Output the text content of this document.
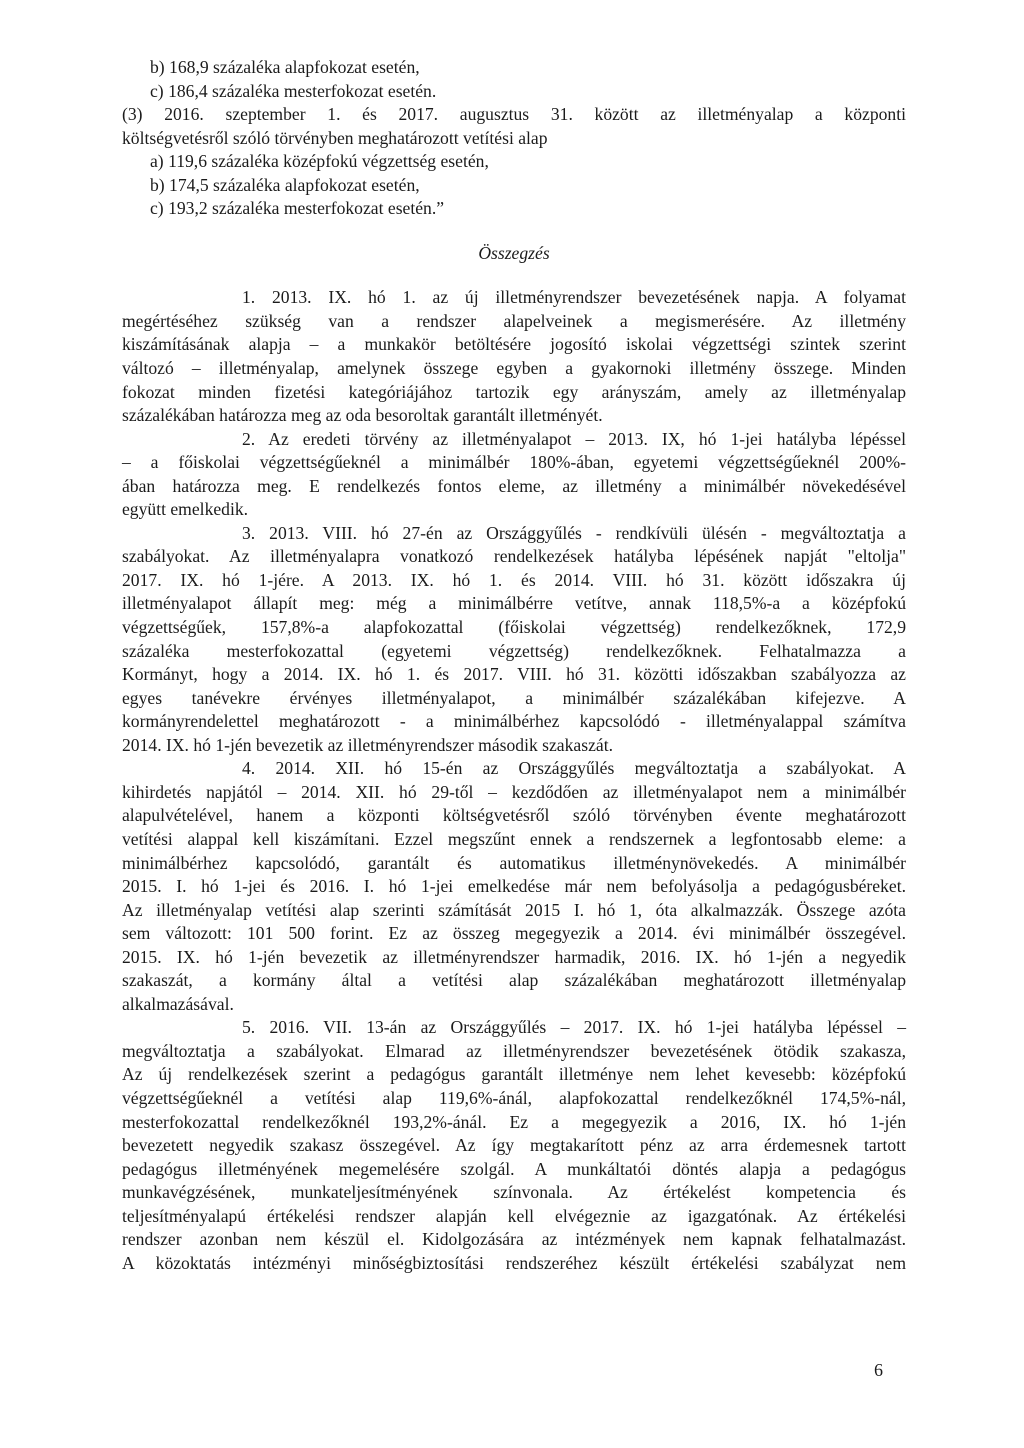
b) 168,9 százaléka alapfokozat esetén,
c) 186,4 százaléka mesterfokozat esetén.
(3) 2016. szeptember 1. és 2017. augusztus 31. között az illetményalap a központi
költségvetésről szóló törvényben meghatározott vetítési alap
a) 119,6 százaléka középfokú végzettség esetén,
b) 174,5 százaléka alapfokozat esetén,
c) 193,2 százaléka mesterfokozat esetén.”
Összegzés
1. 2013. IX. hó 1. az új illetményrendszer bevezetésének napja. A folyamat
megértéséhez szükség van a rendszer alapelveinek a megismerésére. Az illetmény
kiszámításának alapja – a munkakör betöltésére jogosító iskolai végzettségi szintek szerint
változó – illetményalap, amelynek összege egyben a gyakornoki illetmény összege. Minden
fokozat minden fizetési kategóriájához tartozik egy arányszám, amely az illetményalap
százalékában határozza meg az oda besoroltak garantált illetményét.
2. Az eredeti törvény az illetményalapot – 2013. IX, hó 1-jei hatályba lépéssel
– a főiskolai végzettségűeknél a minimálbér 180%-ában, egyetemi végzettségűeknél 200%-
ában határozza meg. E rendelkezés fontos eleme, az illetmény a minimálbér növekedésével
együtt emelkedik.
3. 2013. VIII. hó 27-én az Országgyűlés - rendkívüli ülésén - megváltoztatja a
szabályokat. Az illetményalapra vonatkozó rendelkezések hatályba lépésének napját "eltolja"
2017. IX. hó 1-jére. A 2013. IX. hó 1. és 2014. VIII. hó 31. között időszakra új
illetményalapot állapít meg: még a minimálbérre vetítve, annak 118,5%-a a középfokú
végzettségűek, 157,8%-a alapfokozattal (főiskolai végzettség) rendelkezőknek, 172,9
százaléka mesterfokozattal (egyetemi végzettség) rendelkezőknek. Felhatalmazza a
Kormányt, hogy a 2014. IX. hó 1. és 2017. VIII. hó 31. közötti időszakban szabályozza az
egyes tanévekre érvényes illetményalapot, a minimálbér százalékában kifejezve. A
kormányrendelettel meghatározott - a minimálbérhez kapcsolódó - illetményalappal számítva
2014. IX. hó 1-jén bevezetik az illetményrendszer második szakaszát.
4. 2014. XII. hó 15-én az Országgyűlés megváltoztatja a szabályokat. A
kihirdetés napjától – 2014. XII. hó 29-től – kezdődően az illetményalapot nem a minimálbér
alapulvételével, hanem a központi költségvetésről szóló törvényben évente meghatározott
vetítési alappal kell kiszámítani. Ezzel megszűnt ennek a rendszernek a legfontosabb eleme: a
minimálbérhez kapcsolódó, garantált és automatikus illetménynövekedés. A minimálbér
2015. I. hó 1-jei és 2016. I. hó 1-jei emelkedése már nem befolyásolja a pedagógusbéreket.
Az illetményalap vetítési alap szerinti számítását 2015 I. hó 1, óta alkalmazzák. Összege azóta
sem változott: 101 500 forint. Ez az összeg megegyezik a 2014. évi minimálbér összegével.
2015. IX. hó 1-jén bevezetik az illetményrendszer harmadik, 2016. IX. hó 1-jén a negyedik
szakaszát, a kormány által a vetítési alap százalékában meghatározott illetményalap
alkalmazásával.
5. 2016. VII. 13-án az Országgyűlés – 2017. IX. hó 1-jei hatályba lépéssel –
megváltoztatja a szabályokat. Elmarad az illetményrendszer bevezetésének ötödik szakasza,
Az új rendelkezések szerint a pedagógus garantált illetménye nem lehet kevesebb: középfokú
végzettségűeknél a vetítési alap 119,6%-ánál, alapfokozattal rendelkezőknél 174,5%-nál,
mesterfokozattal rendelkezőknél 193,2%-ánál. Ez a megegyezik a 2016, IX. hó 1-jén
bevezetett negyedik szakasz összegével. Az így megtakarított pénz az arra érdemesnek tartott
pedagógus illetményének megemelésére szolgál. A munkáltatói döntés alapja a pedagógus
munkavégzésének, munkateljesítményének színvonala. Az értékelést kompetencia és
teljesítményalapú értékelési rendszer alapján kell elvégeznie az igazgatónak. Az értékelési
rendszer azonban nem készül el. Kidolgozására az intézmények nem kapnak felhatalmazást.
A közoktatás intézményi minőségbiztosítási rendszeréhez készült értékelési szabályzat nem
6
